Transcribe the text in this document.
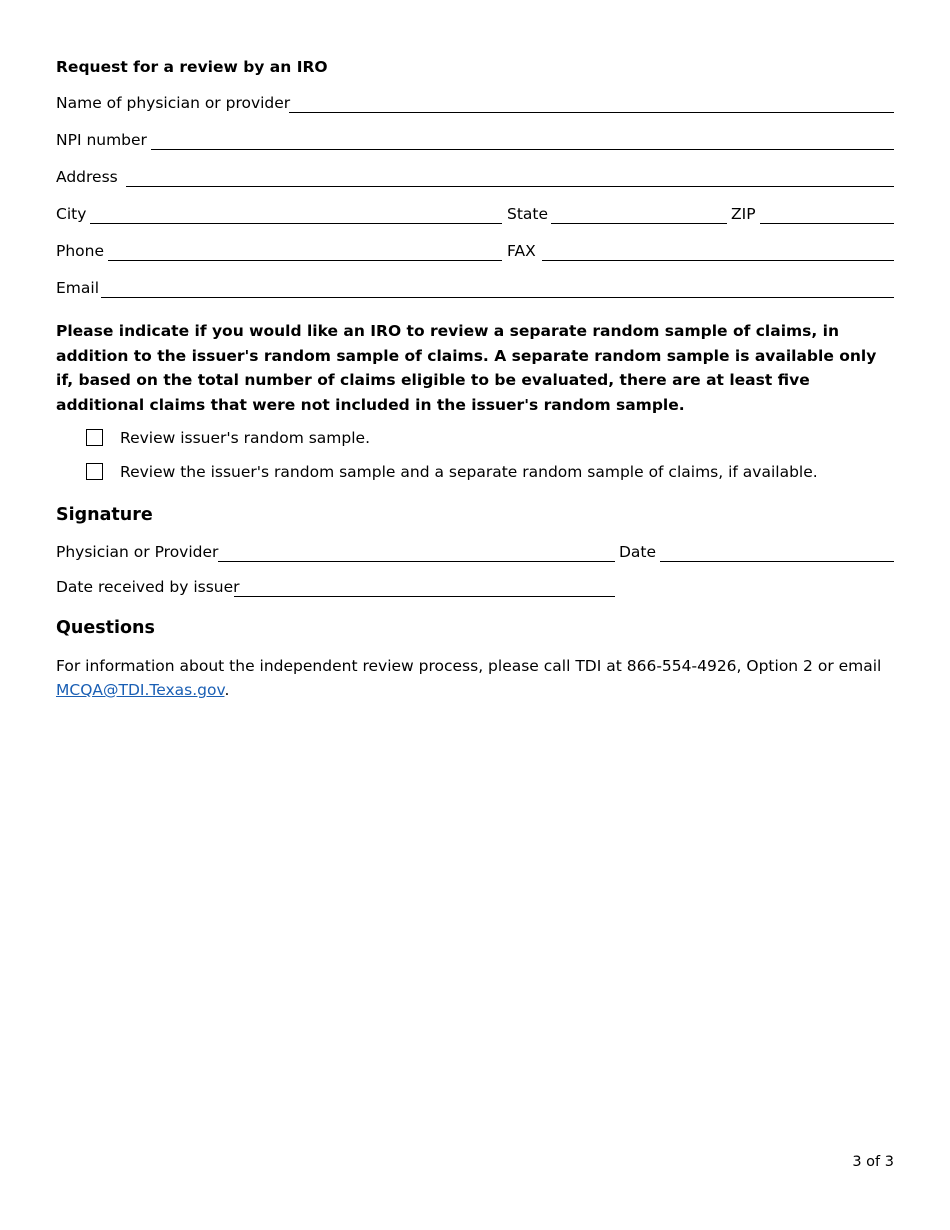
Request for a review by an IRO
Name of physician or provider
NPI number
Address
City	State	ZIP
Phone	FAX
Email
Please indicate if you would like an IRO to review a separate random sample of claims, in addition to the issuer's random sample of claims. A separate random sample is available only if, based on the total number of claims eligible to be evaluated, there are at least five additional claims that were not included in the issuer's random sample.
Review issuer's random sample.
Review the issuer's random sample and a separate random sample of claims, if available.
Signature
Physician or Provider	Date
Date received by issuer
Questions
For information about the independent review process, please call TDI at 866-554-4926, Option 2 or email
MCQA@TDI.Texas.gov.
3 of 3
